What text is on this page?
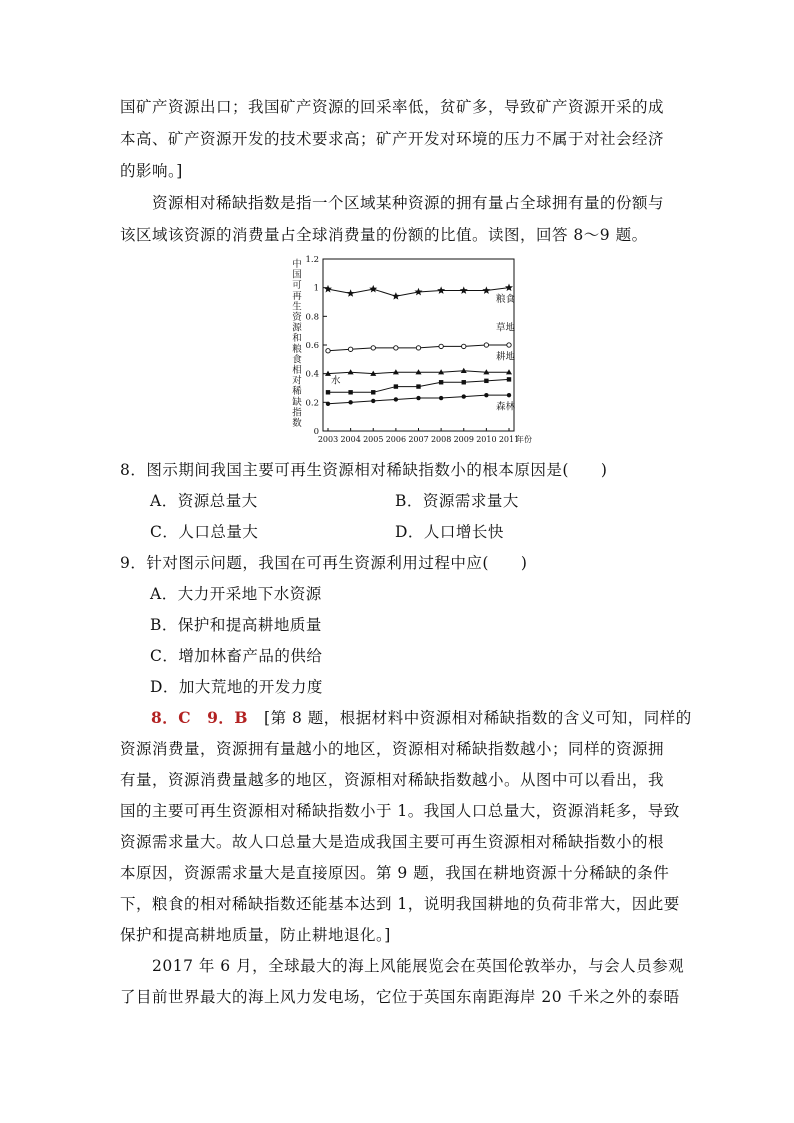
国矿产资源出口；我国矿产资源的回采率低，贫矿多，导致矿产资源开采的成
本高、矿产资源开发的技术要求高；矿产开发对环境的压力不属于对社会经济
的影响。]
　　资源相对稀缺指数是指一个区域某种资源的拥有量占全球拥有量的份额与
该区域该资源的消费量占全球消费量的份额的比值。读图，回答 8～9 题。
中
国
可
再
生
资
源
和
粮
食
相
对
稀
缺
指
数
0
0.2
0.4
0.6
0.8
1
1.2
2003 2004 2005 2006 2007 2008 2009 2010 2011
年份
粮食
草地
耕地
水
森林
8．图示期间我国主要可再生资源相对稀缺指数小的根本原因是(　　)
A．资源总量大	B．资源需求量大
C．人口总量大	D．人口增长快
9．针对图示问题，我国在可再生资源利用过程中应(　　)
A．大力开采地下水资源
B．保护和提高耕地质量
C．增加林畜产品的供给
D．加大荒地的开发力度
8．C　9．B　[第 8 题，根据材料中资源相对稀缺指数的含义可知，同样的
资源消费量，资源拥有量越小的地区，资源相对稀缺指数越小；同样的资源拥
有量，资源消费量越多的地区，资源相对稀缺指数越小。从图中可以看出，我
国的主要可再生资源相对稀缺指数小于 1。我国人口总量大，资源消耗多，导致
资源需求量大。故人口总量大是造成我国主要可再生资源相对稀缺指数小的根
本原因，资源需求量大是直接原因。第 9 题，我国在耕地资源十分稀缺的条件
下，粮食的相对稀缺指数还能基本达到 1，说明我国耕地的负荷非常大，因此要
保护和提高耕地质量，防止耕地退化。]
　　2017 年 6 月，全球最大的海上风能展览会在英国伦敦举办，与会人员参观
了目前世界最大的海上风力发电场，它位于英国东南距海岸 20 千米之外的泰晤
